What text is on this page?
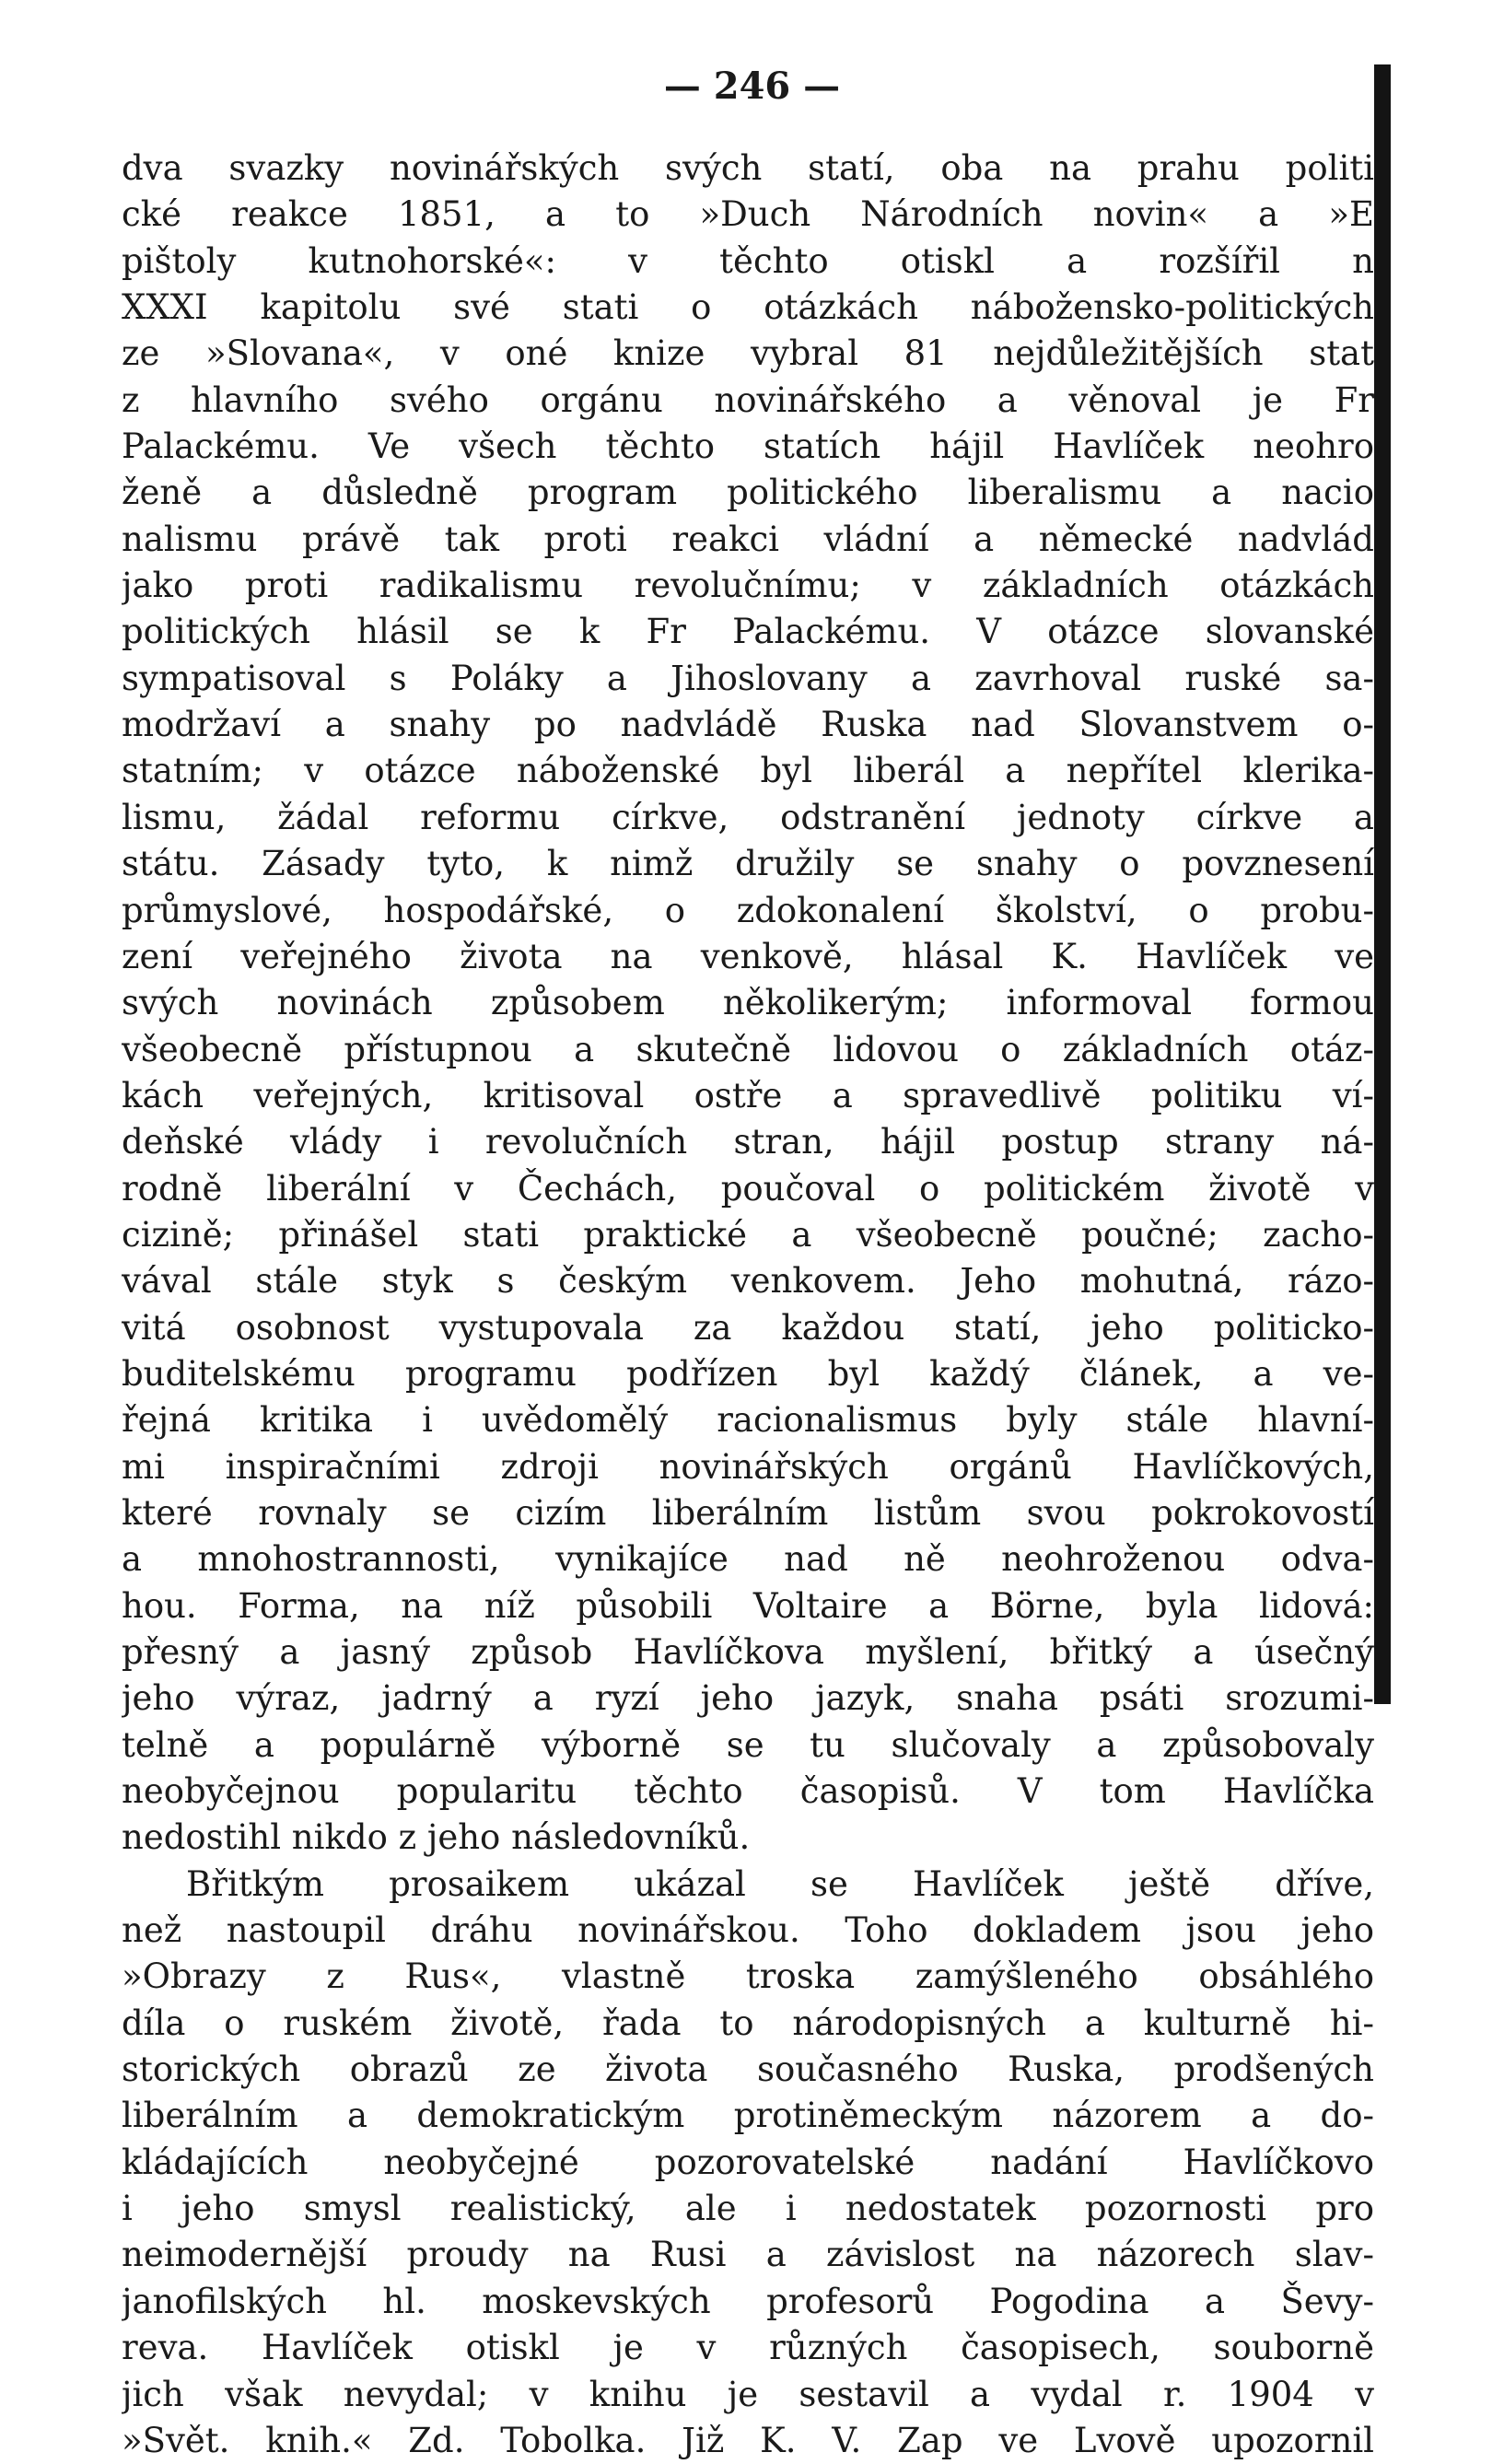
— 246 —
dva svazky novinářských svých statí, oba na prahu politi
cké reakce 1851, a to »Duch Národních novin« a »E
pištoly kutnohorské«: v těchto otiskl a rozšířil n
XXXI kapitolu své stati o otázkách nábožensko-politických
ze »Slovana«, v oné knize vybral 81 nejdůležitějších stat
z hlavního svého orgánu novinářského a věnoval je Fr
Palackému. Ve všech těchto statích hájil Havlíček neohro
ženě a důsledně program politického liberalismu a nacio
nalismu právě tak proti reakci vládní a německé nadvlád
jako proti radikalismu revolučnímu; v základních otázkách
politických hlásil se k Fr Palackému. V otázce slovanské
sympatisoval s Poláky a Jihoslovany a zavrhoval ruské sa-
modržaví a snahy po nadvládě Ruska nad Slovanstvem o-
statním; v otázce náboženské byl liberál a nepřítel klerika-
lismu, žádal reformu církve, odstranění jednoty církve a
státu. Zásady tyto, k nimž družily se snahy o povznesení
průmyslové, hospodářské, o zdokonalení školství, o probu-
zení veřejného života na venkově, hlásal K. Havlíček ve
svých novinách způsobem několikerým; informoval formou
všeobecně přístupnou a skutečně lidovou o základních otáz-
kách veřejných, kritisoval ostře a spravedlivě politiku ví-
deňské vlády i revolučních stran, hájil postup strany ná-
rodně liberální v Čechách, poučoval o politickém životě v
cizině; přinášel stati praktické a všeobecně poučné; zacho-
vával stále styk s českým venkovem. Jeho mohutná, rázo-
vitá osobnost vystupovala za každou statí, jeho politicko-
buditelskému programu podřízen byl každý článek, a ve-
řejná kritika i uvědomělý racionalismus byly stále hlavní-
mi inspiračními zdroji novinářských orgánů Havlíčkových,
které rovnaly se cizím liberálním listům svou pokrokovostí
a mnohostrannosti, vynikajíce nad ně neohroženou odva-
hou. Forma, na níž působili Voltaire a Börne, byla lidová:
přesný a jasný způsob Havlíčkova myšlení, břitký a úsečný
jeho výraz, jadrný a ryzí jeho jazyk, snaha psáti srozumi-
telně a populárně výborně se tu slučovaly a způsobovaly
neobyčejnou popularitu těchto časopisů. V tom Havlíčka
nedostihl nikdo z jeho následovníků.
Břitkým prosaikem ukázal se Havlíček ještě dříve,
než nastoupil dráhu novinářskou. Toho dokladem jsou jeho
»Obrazy z Rus«, vlastně troska zamýšleného obsáhlého
díla o ruském životě, řada to národopisných a kulturně hi-
storických obrazů ze života současného Ruska, prodšených
liberálním a demokratickým protiněmeckým názorem a do-
kládajících neobyčejné pozorovatelské nadání Havlíčkovo
i jeho smysl realistický, ale i nedostatek pozornosti pro
neimodernější proudy na Rusi a závislost na názorech slav-
janofilských hl. moskevských profesorů Pogodina a Ševy-
reva. Havlíček otiskl je v různých časopisech, souborně
jich však nevydal; v knihu je sestavil a vydal r. 1904 v
»Svět. knih.« Zd. Tobolka. Již K. V. Zap ve Lvově upozornil
